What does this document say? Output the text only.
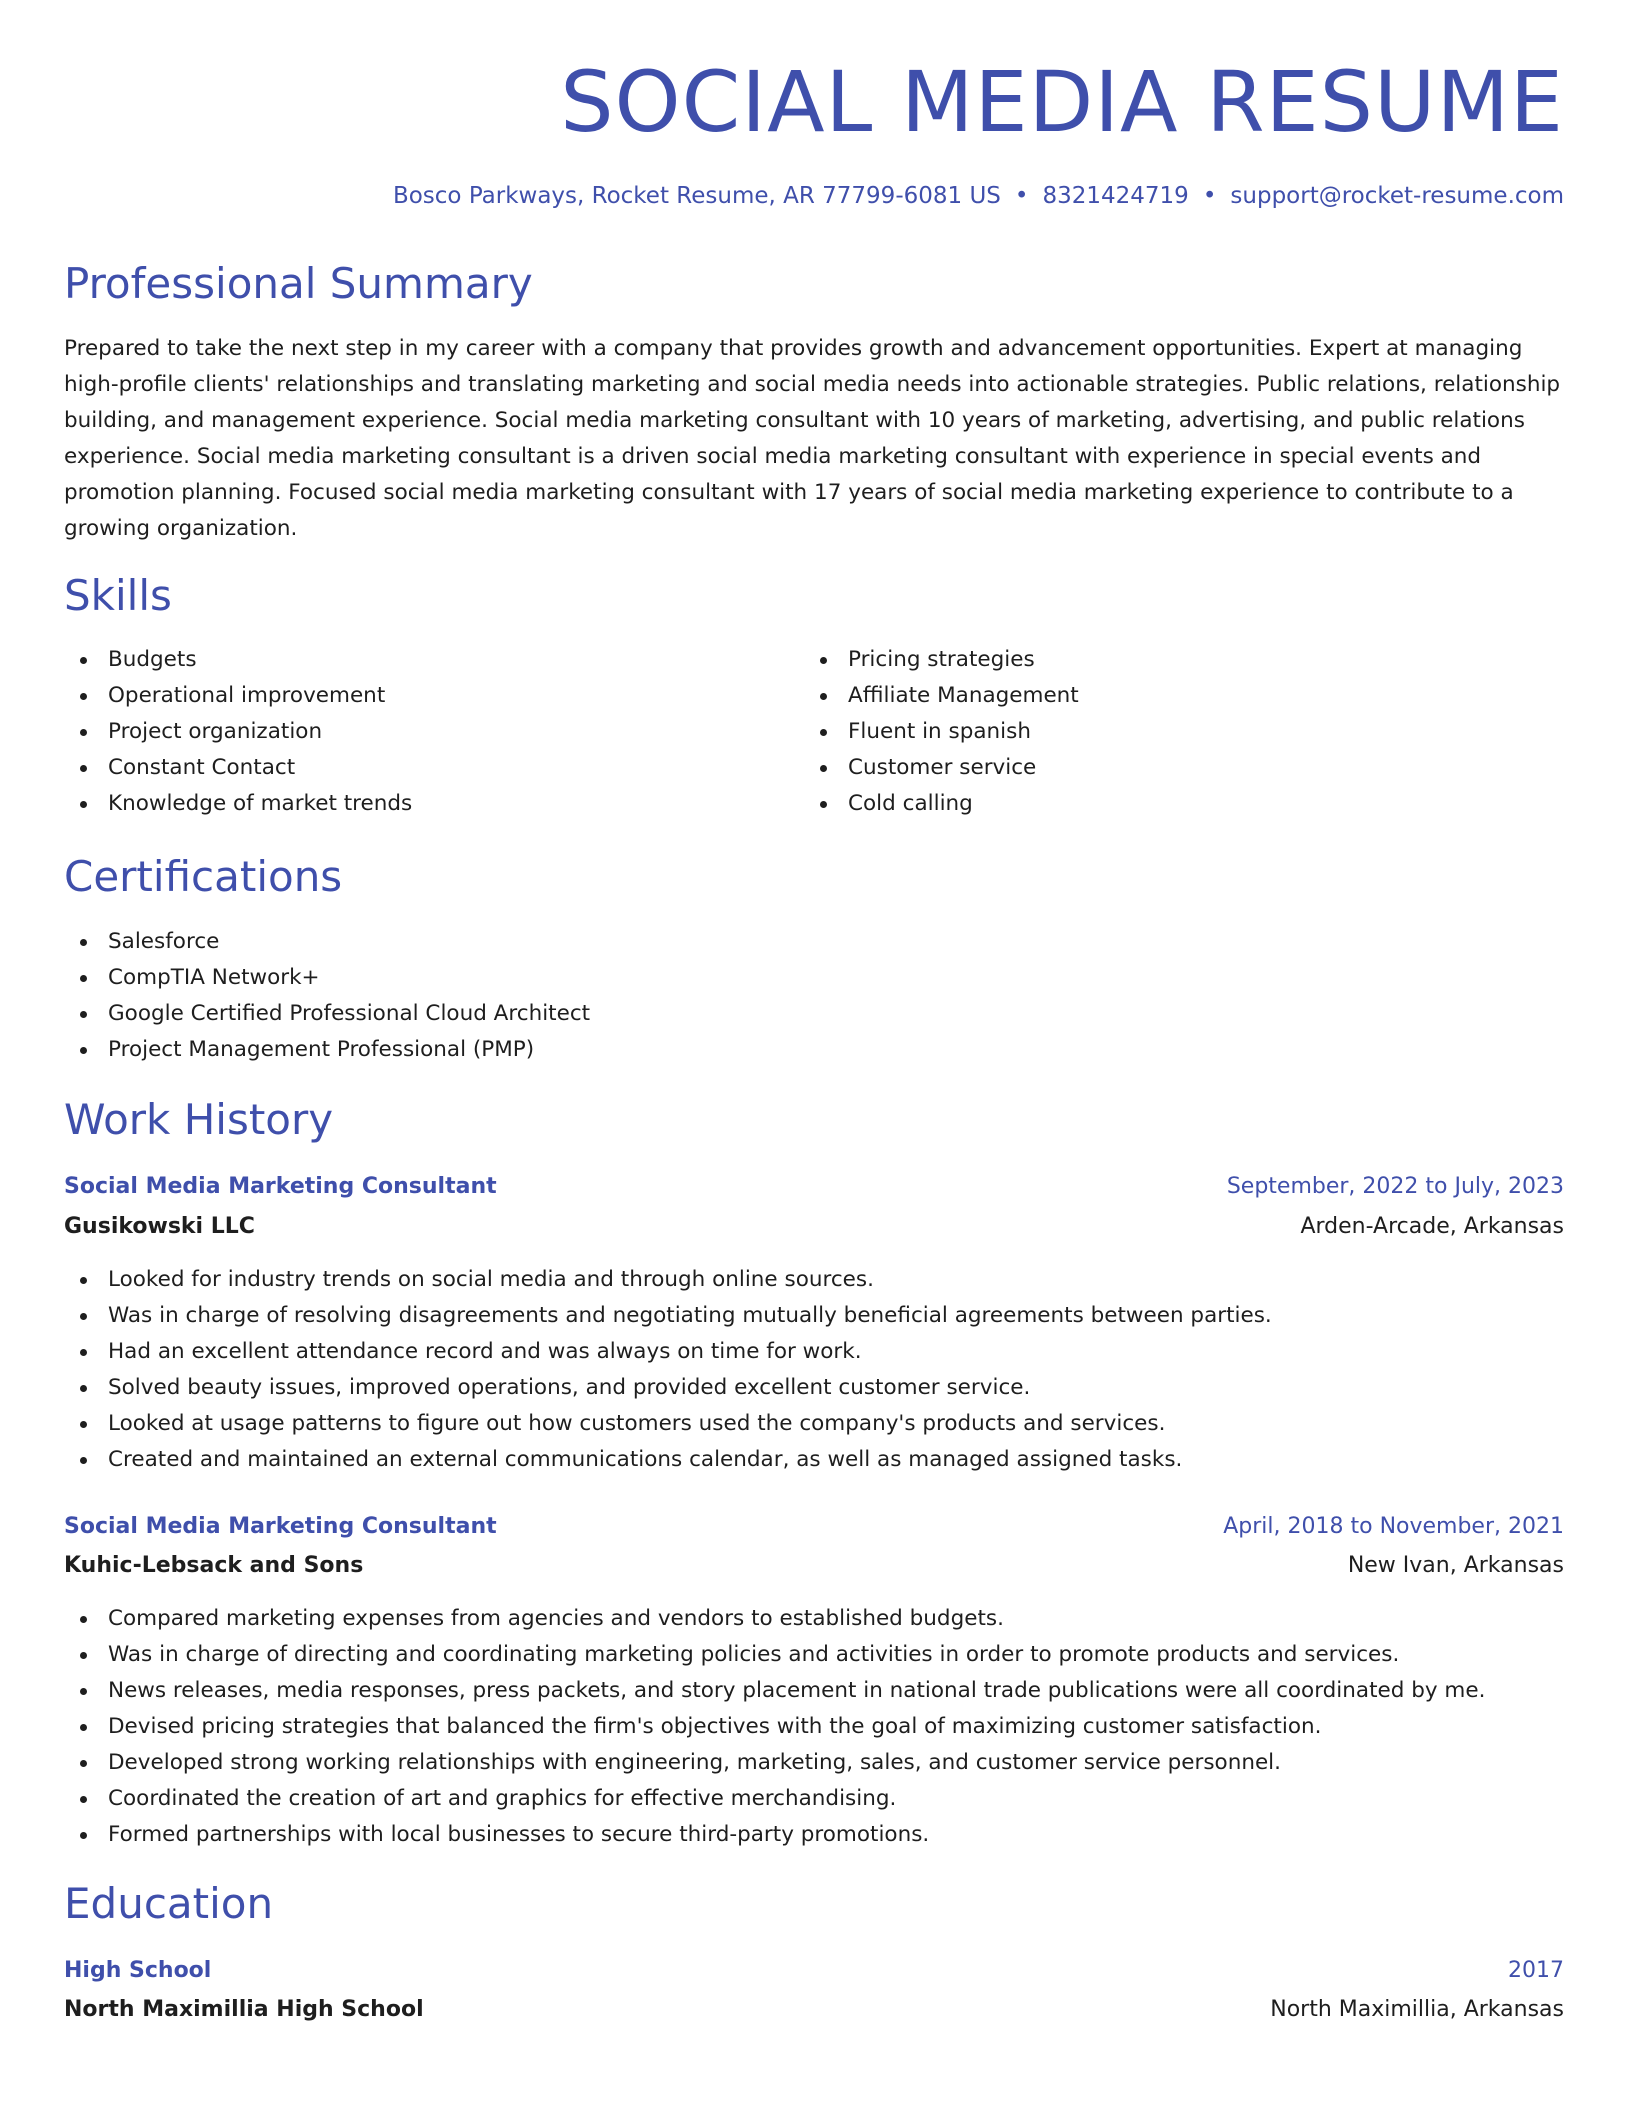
SOCIAL MEDIA RESUME
Bosco Parkways, Rocket Resume, AR 77799-6081 US • 8321424719 • support@rocket-resume.com
Professional Summary
Prepared to take the next step in my career with a company that provides growth and advancement opportunities. Expert at managing high-profile clients' relationships and translating marketing and social media needs into actionable strategies. Public relations, relationship building, and management experience. Social media marketing consultant with 10 years of marketing, advertising, and public relations experience. Social media marketing consultant is a driven social media marketing consultant with experience in special events and promotion planning. Focused social media marketing consultant with 17 years of social media marketing experience to contribute to a growing organization.
Skills
Budgets
Operational improvement
Project organization
Constant Contact
Knowledge of market trends
Pricing strategies
Affiliate Management
Fluent in spanish
Customer service
Cold calling
Certifications
Salesforce
CompTIA Network+
Google Certified Professional Cloud Architect
Project Management Professional (PMP)
Work History
Social Media Marketing Consultant	September, 2022 to July, 2023
Gusikowski LLC	Arden-Arcade, Arkansas
Looked for industry trends on social media and through online sources.
Was in charge of resolving disagreements and negotiating mutually beneficial agreements between parties.
Had an excellent attendance record and was always on time for work.
Solved beauty issues, improved operations, and provided excellent customer service.
Looked at usage patterns to figure out how customers used the company's products and services.
Created and maintained an external communications calendar, as well as managed assigned tasks.
Social Media Marketing Consultant	April, 2018 to November, 2021
Kuhic-Lebsack and Sons	New Ivan, Arkansas
Compared marketing expenses from agencies and vendors to established budgets.
Was in charge of directing and coordinating marketing policies and activities in order to promote products and services.
News releases, media responses, press packets, and story placement in national trade publications were all coordinated by me.
Devised pricing strategies that balanced the firm's objectives with the goal of maximizing customer satisfaction.
Developed strong working relationships with engineering, marketing, sales, and customer service personnel.
Coordinated the creation of art and graphics for effective merchandising.
Formed partnerships with local businesses to secure third-party promotions.
Education
High School	2017
North Maximillia High School	North Maximillia, Arkansas
